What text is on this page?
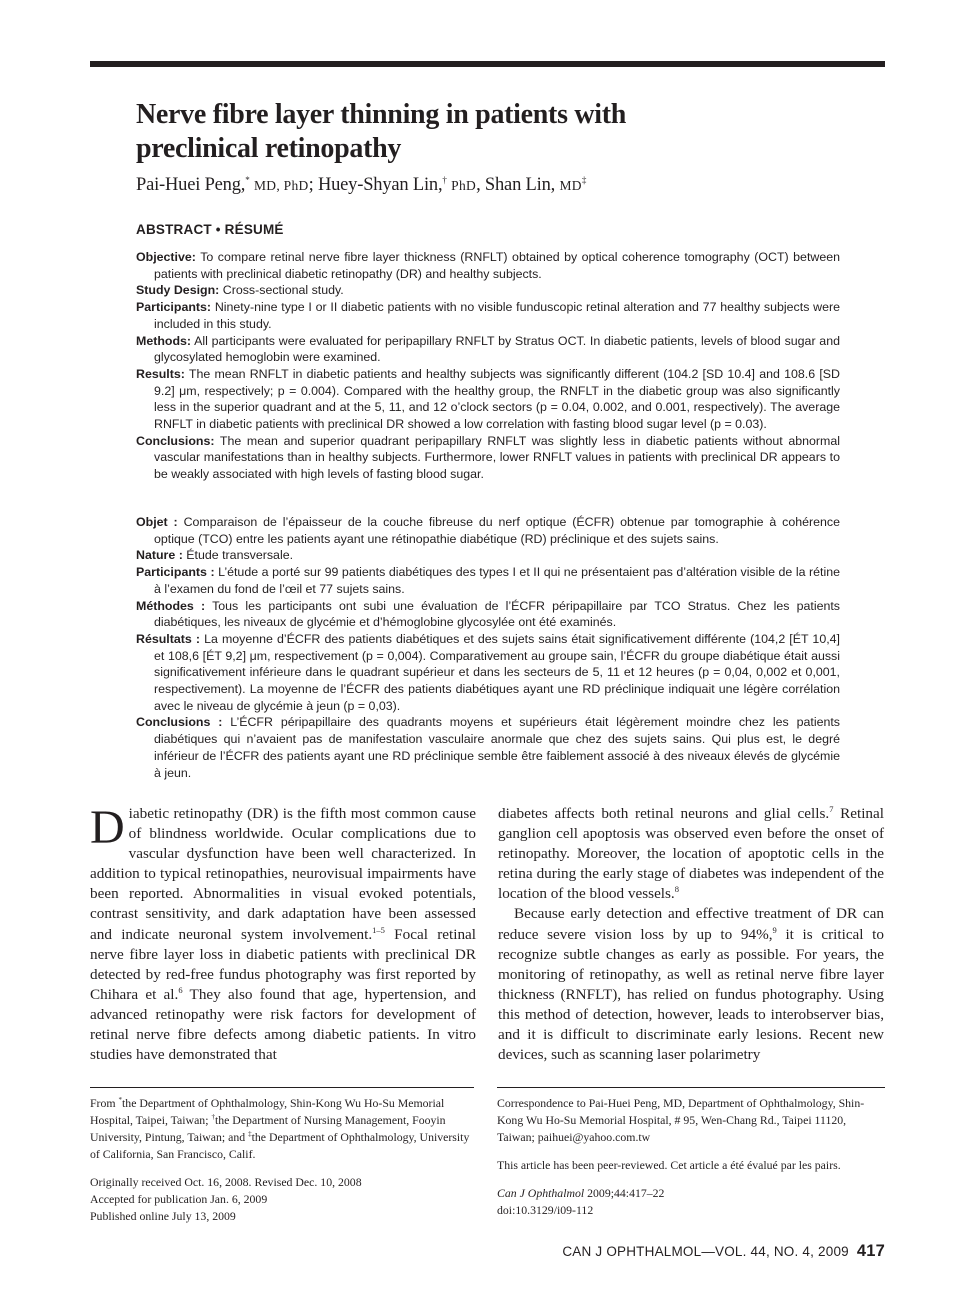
Nerve fibre layer thinning in patients with
preclinical retinopathy
Pai-Huei Peng,* MD, PhD; Huey-Shyan Lin,† PhD, Shan Lin, MD‡
ABSTRACT • RÉSUMÉ

Objective: To compare retinal nerve fibre layer thickness (RNFLT) obtained by optical coherence tomography (OCT) between patients with preclinical diabetic retinopathy (DR) and healthy subjects.

Study Design: Cross-sectional study.

Participants: Ninety-nine type I or II diabetic patients with no visible funduscopic retinal alteration and 77 healthy subjects were included in this study.

Methods: All participants were evaluated for peripapillary RNFLT by Stratus OCT. In diabetic patients, levels of blood sugar and glycosylated hemoglobin were examined.

Results: The mean RNFLT in diabetic patients and healthy subjects was significantly different (104.2 [SD 10.4] and 108.6 [SD 9.2] μm, respectively; p = 0.004). Compared with the healthy group, the RNFLT in the diabetic group was also significantly less in the superior quadrant and at the 5, 11, and 12 o’clock sectors (p = 0.04, 0.002, and 0.001, respectively). The average RNFLT in diabetic patients with preclinical DR showed a low correlation with fasting blood sugar level (p = 0.03).

Conclusions: The mean and superior quadrant peripapillary RNFLT was slightly less in diabetic patients without abnormal vascular manifestations than in healthy subjects. Furthermore, lower RNFLT values in patients with preclinical DR appears to be weakly associated with high levels of fasting blood sugar.

Objet : Comparaison de l’épaisseur de la couche fibreuse du nerf optique (ÉCFR) obtenue par tomographie à cohérence optique (TCO) entre les patients ayant une rétinopathie diabétique (RD) préclinique et des sujets sains.

Nature : Étude transversale.

Participants : L’étude a porté sur 99 patients diabétiques des types I et II qui ne présentaient pas d’altération visible de la rétine à l’examen du fond de l’œil et 77 sujets sains.

Méthodes : Tous les participants ont subi une évaluation de l’ÉCFR péripapillaire par TCO Stratus. Chez les patients diabétiques, les niveaux de glycémie et d’hémoglobine glycosylée ont été examinés.

Résultats : La moyenne d’ÉCFR des patients diabétiques et des sujets sains était significativement différente (104,2 [ÉT 10,4] et 108,6 [ÉT 9,2] μm, respectivement (p = 0,004). Comparativement au groupe sain, l’ÉCFR du groupe diabétique était aussi significativement inférieure dans le quadrant supérieur et dans les secteurs de 5, 11 et 12 heures (p = 0,04, 0,002 et 0,001, respectivement). La moyenne de l’ÉCFR des patients diabétiques ayant une RD préclinique indiquait une légère corrélation avec le niveau de glycémie à jeun (p = 0,03).

Conclusions : L’ÉCFR péripapillaire des quadrants moyens et supérieurs était légèrement moindre chez les patients diabétiques qui n’avaient pas de manifestation vasculaire anormale que chez des sujets sains. Qui plus est, le degré inférieur de l’ÉCFR des patients ayant une RD préclinique semble être faiblement associé à des niveaux élevés de glycémie à jeun.

Diabetic retinopathy (DR) is the fifth most common cause of blindness worldwide. Ocular complications due to vascular dysfunction have been well characterized. In addition to typical retinopathies, neurovisual impairments have been reported. Abnormalities in visual evoked potentials, contrast sensitivity, and dark adaptation have been assessed and indicate neuronal system involvement.$^{1-5}$ Focal retinal nerve fibre layer loss in diabetic patients with preclinical DR detected by red-free fundus photography was first reported by Chihara et al.$^6$ They also found that age, hypertension, and advanced retinopathy were risk factors for development of retinal nerve fibre defects among diabetic patients. In vitro studies have demonstrated that

diabetes affects both retinal neurons and glial cells.$^7$ Retinal ganglion cell apoptosis was observed even before the onset of retinopathy. Moreover, the location of apoptotic cells in the retina during the early stage of diabetes was independent of the location of the blood vessels.$^8$

Because early detection and effective treatment of DR can reduce severe vision loss by up to 94%,$^9$ it is critical to recognize subtle changes as early as possible. For years, the monitoring of retinopathy, as well as retinal nerve fibre layer thickness (RNFLT), has relied on fundus photography. Using this method of detection, however, leads to interobserver bias, and it is difficult to discriminate early lesions. Recent new devices, such as scanning laser polarimetry

From *the Department of Ophthalmology, Shin-Kong Wu Ho-Su Memorial Hospital, Taipei, Taiwan; †the Department of Nursing Management, Fooyin University, Pintung, Taiwan; and ‡the Department of Ophthalmology, University of California, San Francisco, Calif.

Originally received Oct. 16, 2008. Revised Dec. 10, 2008
Accepted for publication Jan. 6, 2009
Published online July 13, 2009

Correspondence to Pai-Huei Peng, MD, Department of Ophthalmology, Shin-Kong Wu Ho-Su Memorial Hospital, # 95, Wen-Chang Rd., Taipei 11120, Taiwan; paihuei@yahoo.com.tw

This article has been peer-reviewed. Cet article a été évalué par les pairs.

Can J Ophthalmol 2009;44:417–22
doi:10.3129/i09-112

CAN J OPHTHALMOL—VOL. 44, NO. 4, 2009 417
